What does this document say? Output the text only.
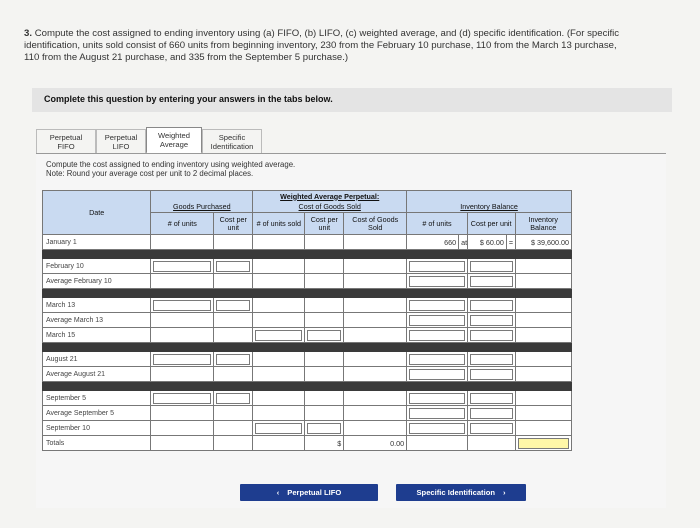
3. Compute the cost assigned to ending inventory using (a) FIFO, (b) LIFO, (c) weighted average, and (d) specific identification. (For specific identification, units sold consist of 660 units from beginning inventory, 230 from the February 10 purchase, 110 from the March 13 purchase, 110 from the August 21 purchase, and 335 from the September 5 purchase.)
Complete this question by entering your answers in the tabs below.
Perpetual FIFO
Perpetual LIFO
Weighted Average
Specific Identification
Compute the cost assigned to ending inventory using weighted average.
Note: Round your average cost per unit to 2 decimal places.
Date			Weighted Average Perpetual:							
	Goods Purchased		Cost of Goods Sold			Inventory Balance				
	# of units	Cost per unit	# of units sold	Cost per unit	Cost of Goods Sold	# of units		Cost per unit		Inventory Balance
January 1						660	at	$ 60.00	=	$ 39,600.00

February 10			

Average February 10								

March 13			

Average March 13								

March 15					

August 21			

Average August 21								

September 5			

Average September 5								

September 10					

Totals				$	0.00					
‹ Perpetual LIFO	Specific Identification ›
